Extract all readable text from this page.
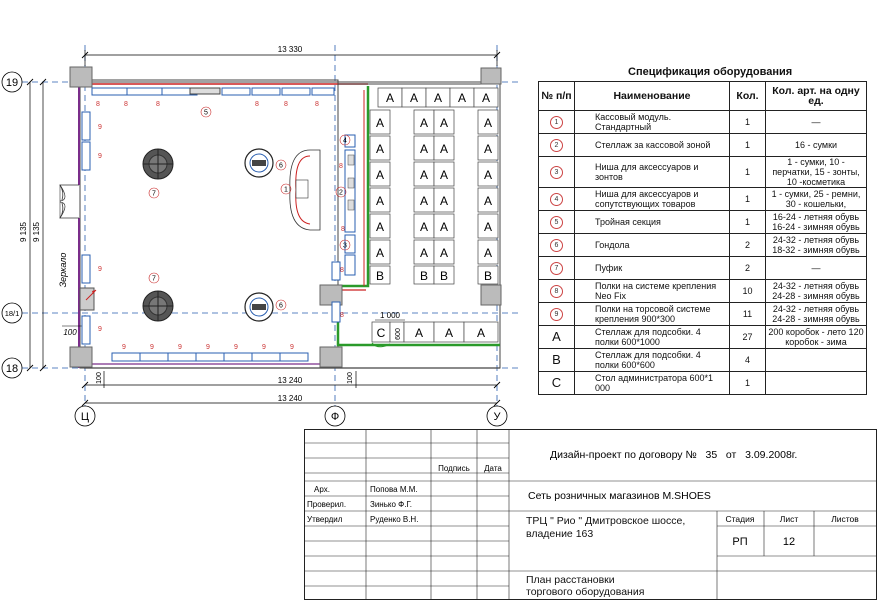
13 330
9 135 9 135
13 240
13 240
100	100
19
18/1
18
Ц	Ф	У
Зеркало
100
5
7
7
6
6
1	2
3
4
8	8	8	8	8	8
8
8
8
8
9
9
9
9
9	9	9	9	9	9	9
A A A A A
A
A
A
A
A
A
B
A A
A A
A A
A A
A A
A A
B B
A
A
A
A
A
A
B
C A A A
1 000
600
Спецификация оборудования
№ п/п	Наименование	Кол.	Кол. арт. на одну ед.
1	Кассовый модуль. Стандартный	1	—
2	Стеллаж за кассовой зоной	1	16 - сумки
3	Ниша для аксессуаров и зонтов	1	1 - сумки, 10 - перчатки, 15 - зонты, 10 -косметика
4	Ниша для аксессуаров и сопутствующих товаров	1	1 - сумки, 25 - ремни, 30 - кошельки,
5	Тройная секция	1	16-24 - летняя обувь 16-24 - зимняя обувь
6	Гондола	2	24-32 - летняя обувь 18-32 - зимняя обувь
7	Пуфик	2	—
8	Полки на системе крепления Neo Fix	10	24-32 - летняя обувь 24-28 - зимняя обувь
9	Полки на торсовой системе крепления 900*300	11	24-32 - летняя обувь 24-28 - зимняя обувь
A	Стеллаж для подсобки. 4 полки 600*1000	27	200 коробок - лето 120 коробок - зима
B	Стеллаж для подсобки. 4 полки 600*600	4	
C	Стол администратора 600*1 000	1	
Подпись Дата
Арх.	Попова М.М.
Проверил.	Зинько Ф.Г.
Утвердил	Руденко В.Н.
Дизайн-проект по договору №   35   от   3.09.2008г.
Сеть розничных магазинов M.SHOES
Стадия	Лист	Листов
РП	12
ТРЦ " Рио " Дмитровское шоссе, владение 163
План расстановки торгового оборудования
